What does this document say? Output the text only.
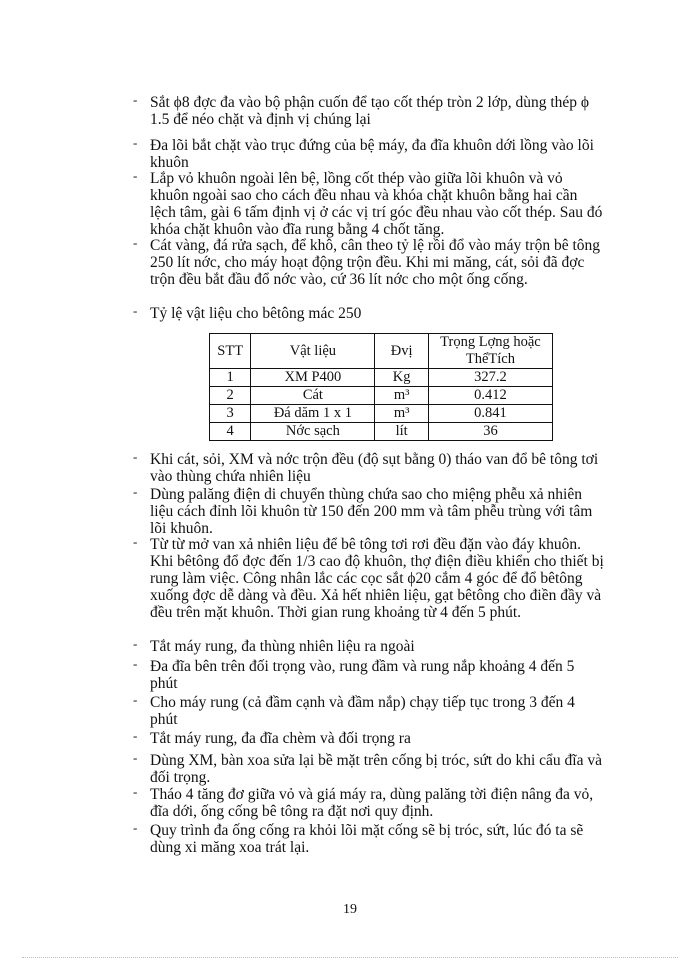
- Sắt ϕ8 đợc đa vào bộ phận cuốn để tạo cốt thép tròn 2 lớp, dùng thép ϕ 1.5 để néo chặt và định vị chúng lại
- Đa lõi bắt chặt vào trục đứng của bệ máy, đa đĩa khuôn dới lồng vào lõi khuôn
- Lắp vỏ khuôn ngoài lên bệ, lồng cốt thép vào giữa lõi khuôn và vỏ khuôn ngoài sao cho cách đều nhau và khóa chặt khuôn bằng hai cần lệch tâm, gài 6 tấm định vị ở các vị trí góc đều nhau vào cốt thép. Sau đó khóa chặt khuôn vào đĩa rung bằng 4 chốt tăng.
- Cát vàng, đá rửa sạch, để khô, cân theo tỷ lệ rồi đổ vào máy trộn bê tông 250 lít nớc, cho máy hoạt động trộn đều. Khi mi măng, cát, sỏi đã đợc trộn đều bắt đầu đổ nớc vào, cứ 36 lít nớc cho một ống cống.
- Tỷ lệ vật liệu cho bêtông mác 250
STT	Vật liệu	Đvị	Trọng Lợng hoặc ThểTích
1	XM P400	Kg	327.2
2	Cát	m³	0.412
3	Đá dăm 1 x 1	m³	0.841
4	Nớc sạch	lít	36
- Khi cát, sỏi, XM và nớc trộn đều (độ sụt bằng 0) tháo van đổ bê tông tơi vào thùng chứa nhiên liệu
- Dùng palăng điện di chuyển thùng chứa sao cho miệng phễu xả nhiên liệu cách đỉnh lõi khuôn từ 150 đến 200 mm và tâm phễu trùng với tâm lõi khuôn.
- Từ từ mở van xả nhiên liệu để bê tông tơi rơi đều đặn vào đáy khuôn. Khi bêtông đổ đợc đến 1/3 cao độ khuôn, thợ điện điều khiển cho thiết bị rung làm việc. Công nhân lắc các cọc sắt ϕ20 cắm 4 góc để đổ bêtông xuống đợc dễ dàng và đều. Xả hết nhiên liệu, gạt bêtông cho điền đầy và đều trên mặt khuôn. Thời gian rung khoảng từ 4 đến 5 phút.
- Tắt máy rung, đa thùng nhiên liệu ra ngoài
- Đa đĩa bên trên đối trọng vào, rung đầm và rung nắp khoảng 4 đến 5 phút
- Cho máy rung (cả đầm cạnh và đầm nắp) chạy tiếp tục trong 3 đến 4 phút
- Tắt máy rung, đa đĩa chèm và đối trọng ra
- Dùng XM, bàn xoa sửa lại bề mặt trên cống bị tróc, sứt do khi cẩu đĩa và đối trọng.
- Tháo 4 tăng đơ giữa vỏ và giá máy ra, dùng palăng tời điện nâng đa vỏ, đĩa dới, ống cống bê tông ra đặt nơi quy định.
- Quy trình đa ống cống ra khỏi lõi mặt cống sẽ bị tróc, sứt, lúc đó ta sẽ dùng xi măng xoa trát lại.
19
